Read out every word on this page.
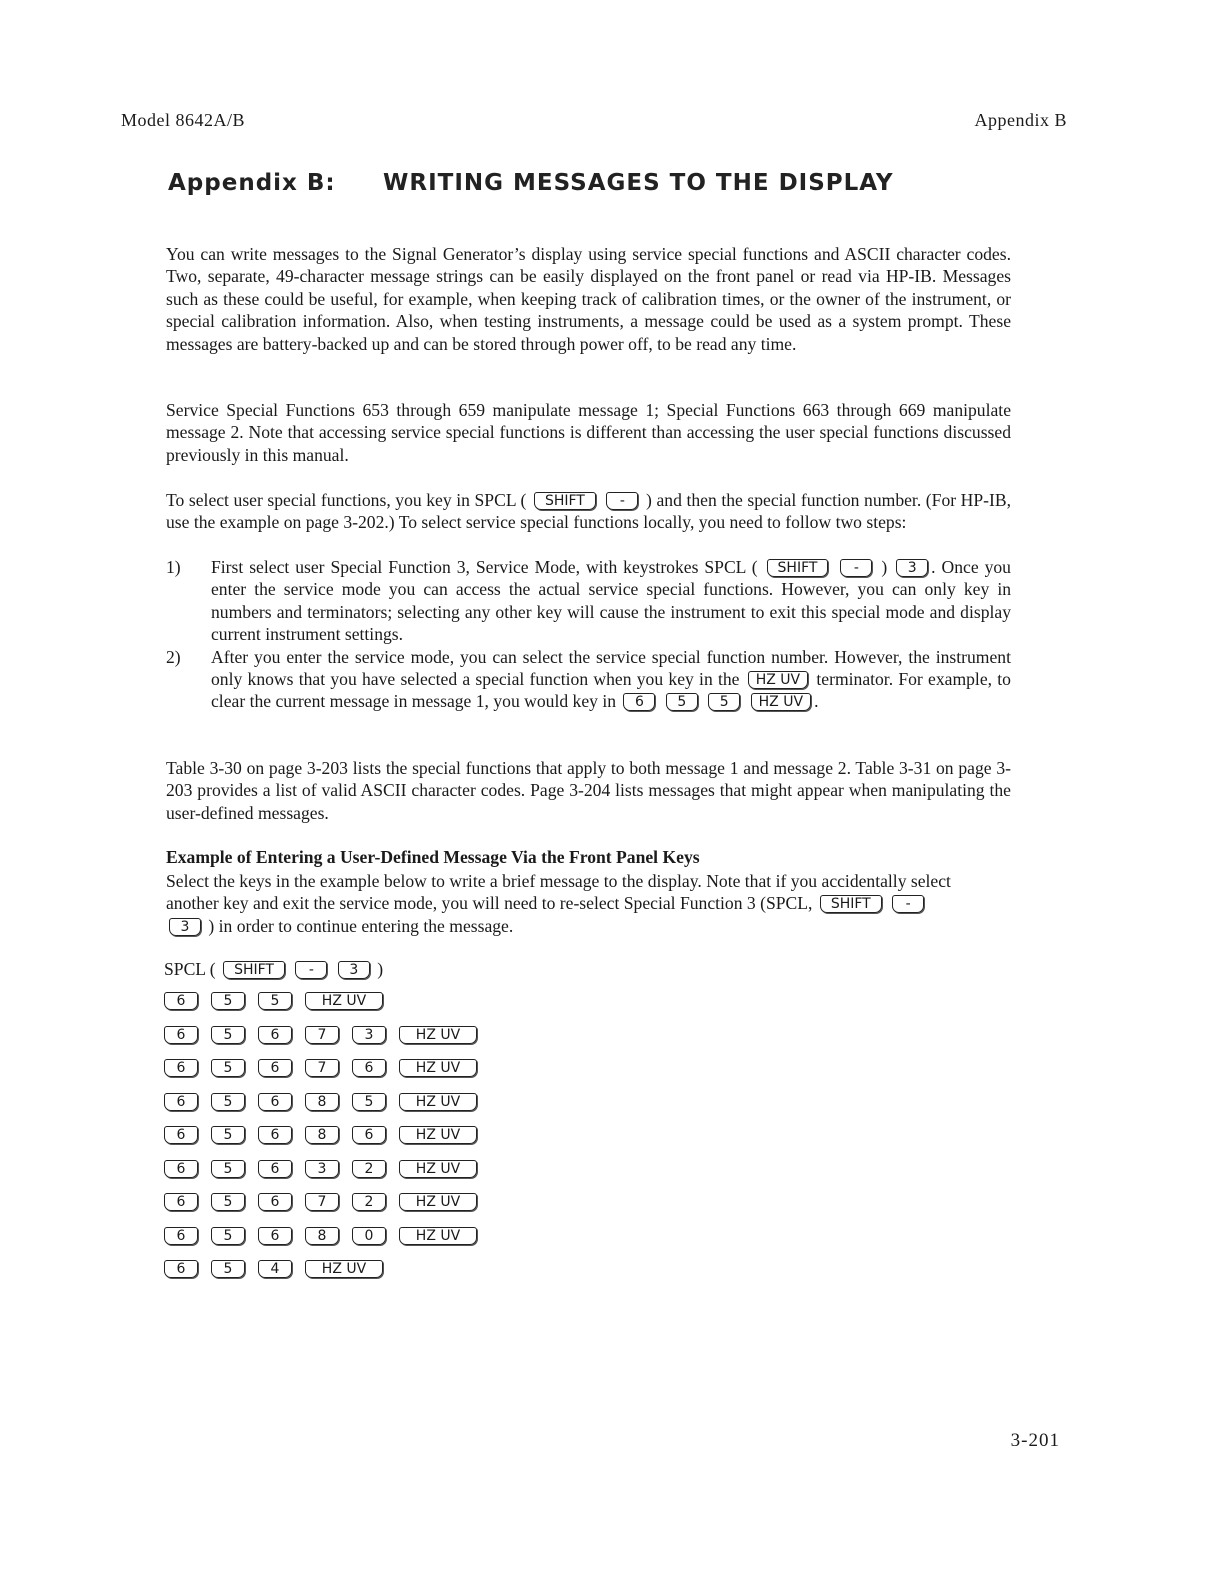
Model 8642A/B	Appendix B
Appendix B: WRITING MESSAGES TO THE DISPLAY

You can write messages to the Signal Generator’s display using service special functions and ASCII character codes. Two, separate, 49-character message strings can be easily displayed on the front panel or read via HP-IB. Messages such as these could be useful, for example, when keeping track of calibration times, or the owner of the instrument, or special calibration information. Also, when testing instruments, a message could be used as a system prompt. These messages are battery-backed up and can be stored through power off, to be read any time.

Service Special Functions 653 through 659 manipulate message 1; Special Functions 663 through 669 manipulate message 2. Note that accessing service special functions is different than accessing the user special functions discussed previously in this manual.

To select user special functions, you key in SPCL ( SHIFT	- ) and then the special function number. (For HP-IB, use the example on page 3-202.) To select service special functions locally, you need to follow two steps:

1) First select user Special Function 3, Service Mode, with keystrokes SPCL ( SHIFT	- ) 3 . Once you enter the service mode you can access the actual service special functions. However, you can only key in numbers and terminators; selecting any other key will cause the instrument to exit this special mode and display current instrument settings.
2) After you enter the service mode, you can select the service special function number. However, the instrument only knows that you have selected a special function when you key in the HZ UV terminator. For example, to clear the current message in message 1, you would key in 6 5 5 HZ UV .

Table 3-30 on page 3-203 lists the special functions that apply to both message 1 and message 2. Table 3-31 on page 3-203 provides a list of valid ASCII character codes. Page 3-204 lists messages that might appear when manipulating the user-defined messages.

Example of Entering a User-Defined Message Via the Front Panel Keys

Select the keys in the example below to write a brief message to the display. Note that if you accidentally select another key and exit the service mode, you will need to re-select Special Function 3 (SPCL, SHIFT - 3 ) in order to continue entering the message.

SPCL ( SHIFT -	3 )
6	5	5	HZ UV
6	5	6	7	3	HZ UV
6	5	6	7	6	HZ UV
6	5	6	8	5	HZ UV
6	5	6	8	6	HZ UV
6	5	6	3	2	HZ UV
6	5	6	7	2	HZ UV
6	5	6	8	0	HZ UV
6	5	4	HZ UV
3-201
